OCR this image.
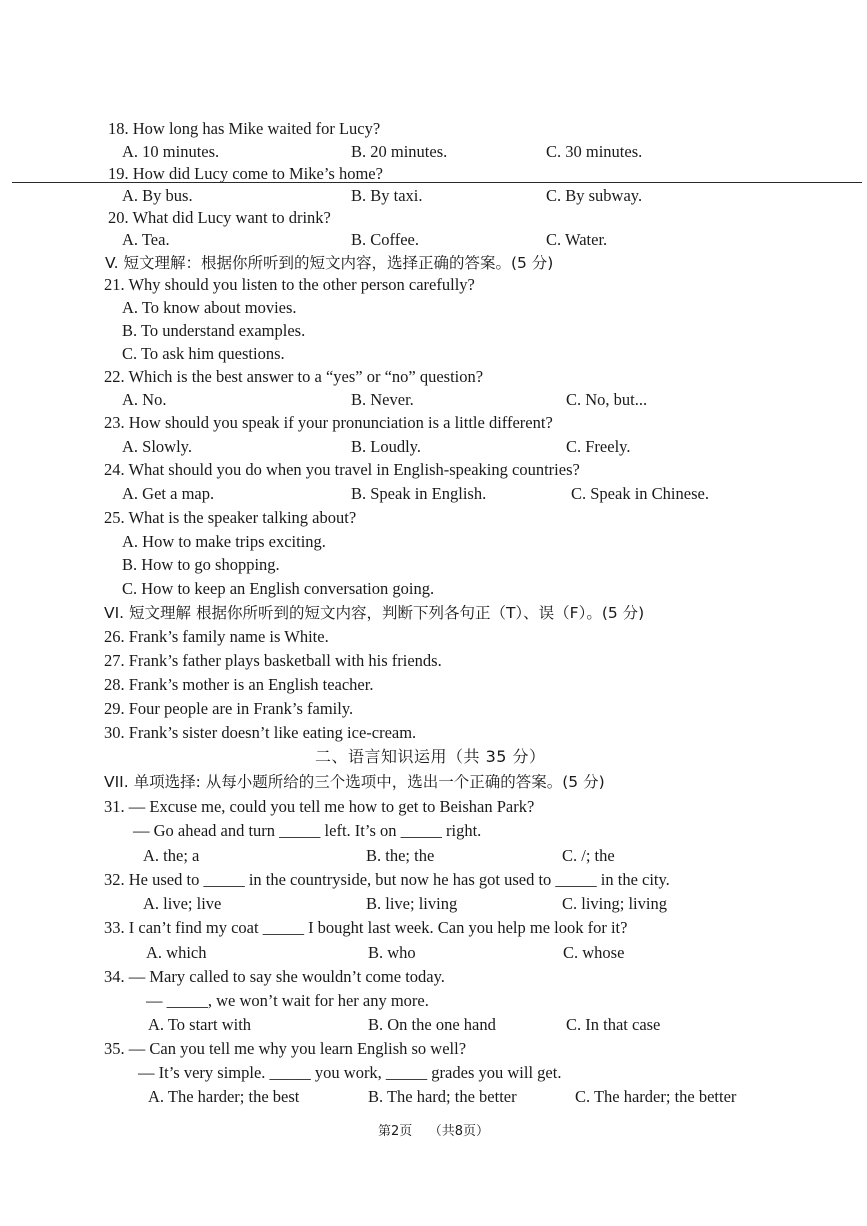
18. How long has Mike waited for Lucy?
A. 10 minutes.	B. 20 minutes.	C. 30 minutes.
19. How did Lucy come to Mike’s home?
A. By bus.	B. By taxi.	C. By subway.
20. What did Lucy want to drink?
A. Tea.	B. Coffee.	C. Water.
V. 短文理解：根据你所听到的短文内容，选择正确的答案。(5 分)
21. Why should you listen to the other person carefully?
A. To know about movies.
B. To understand examples.
C. To ask him questions.
22. Which is the best answer to a “yes” or “no” question?
A. No.	B. Never.	C. No, but...
23. How should you speak if your pronunciation is a little different?
A. Slowly.	B. Loudly.	C. Freely.
24. What should you do when you travel in English-speaking countries?
A. Get a map.	B. Speak in English.	C. Speak in Chinese.
25. What is the speaker talking about?
A. How to make trips exciting.
B. How to go shopping.
C. How to keep an English conversation going.
VI. 短文理解 根据你所听到的短文内容，判断下列各句正（T）、误（F）。(5 分)
26. Frank’s family name is White.
27. Frank’s father plays basketball with his friends.
28. Frank’s mother is an English teacher.
29. Four people are in Frank’s family.
30. Frank’s sister doesn’t like eating ice-cream.
二、语言知识运用（共 35 分）
VII. 单项选择: 从每小题所给的三个选项中，选出一个正确的答案。(5 分)
31. — Excuse me, could you tell me how to get to Beishan Park?
— Go ahead and turn _____ left. It’s on _____ right.
A. the; a	B. the; the	C. /; the
32. He used to _____ in the countryside, but now he has got used to _____ in the city.
A. live; live	B. live; living	C. living; living
33. I can’t find my coat _____ I bought last week. Can you help me look for it?
A. which	B. who	C. whose
34. — Mary called to say she wouldn’t come today.
— _____, we won’t wait for her any more.
A. To start with	B. On the one hand	C. In that case
35. — Can you tell me why you learn English so well?
— It’s very simple. _____ you work, _____ grades you will get.
A. The harder; the best	B. The hard; the better	C. The harder; the better
第2页 （共8页）
